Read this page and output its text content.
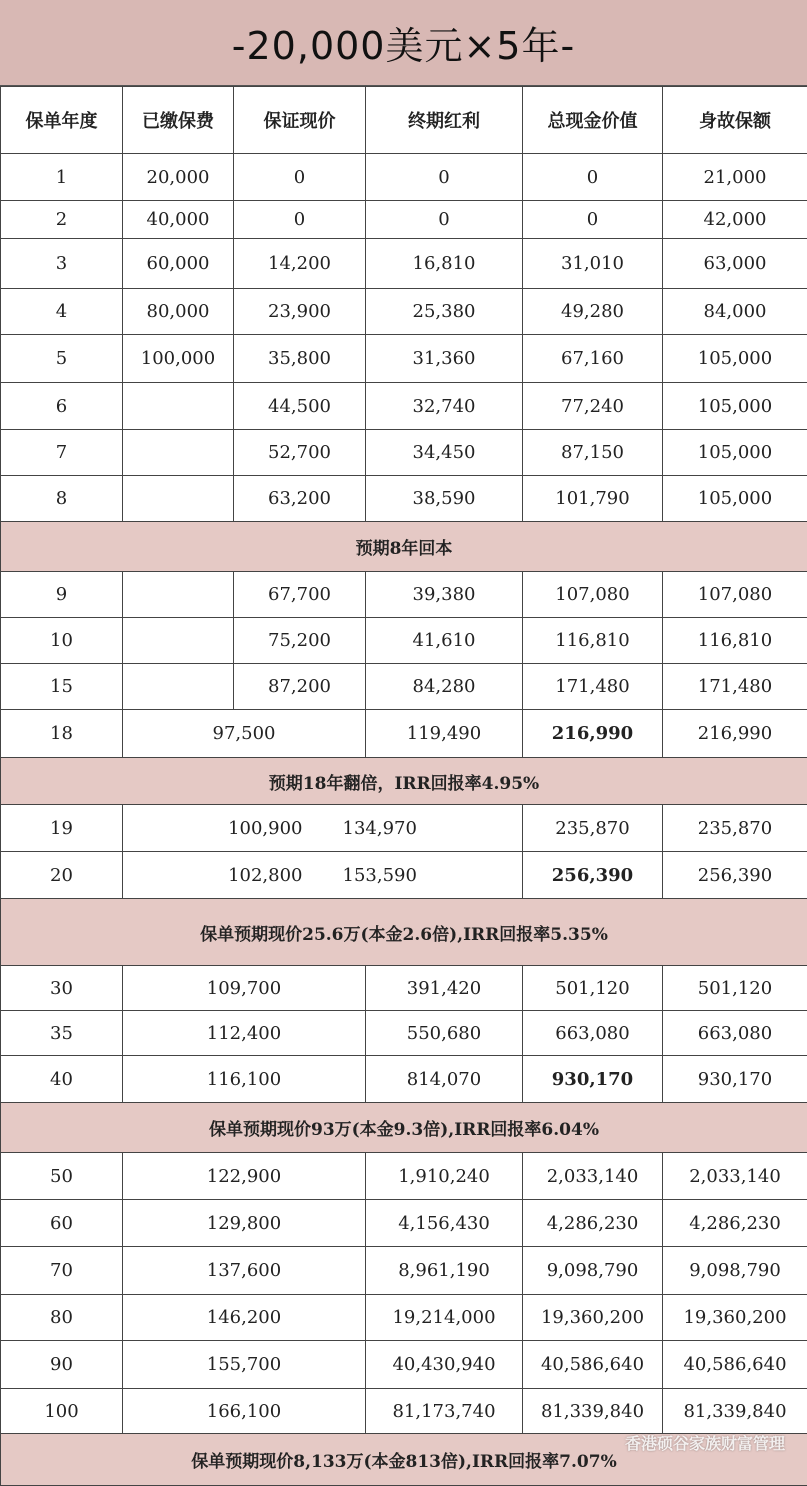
-20,000美元×5年-
保单年度	已缴保费	保证现价	终期红利	总现金价值	身故保额
1	20,000	0	0	0	21,000
2	40,000	0	0	0	42,000
3	60,000	14,200	16,810	31,010	63,000
4	80,000	23,900	25,380	49,280	84,000
5	100,000	35,800	31,360	67,160	105,000
6		44,500	32,740	77,240	105,000
7		52,700	34,450	87,150	105,000
8		63,200	38,590	101,790	105,000
预期8年回本					
9		67,700	39,380	107,080	107,080
10		75,200	41,610	116,810	116,810
15		87,200	84,280	171,480	171,480
18	97,500		119,490	216,990	216,990
预期18年翻倍，IRR回报率4.95%					
19	100,900 134,970			235,870	235,870
20	102,800 153,590			256,390	256,390
保单预期现价25.6万(本金2.6倍),IRR回报率5.35%					
30	109,700		391,420	501,120	501,120
35	112,400		550,680	663,080	663,080
40	116,100		814,070	930,170	930,170
保单预期现价93万(本金9.3倍),IRR回报率6.04%					
50	122,900		1,910,240	2,033,140	2,033,140
60	129,800		4,156,430	4,286,230	4,286,230
70	137,600		8,961,190	9,098,790	9,098,790
80	146,200		19,214,000	19,360,200	19,360,200
90	155,700		40,430,940	40,586,640	40,586,640
100	166,100		81,173,740	81,339,840	81,339,840
保单预期现价8,133万(本金813倍),IRR回报率7.07%					
香港硕谷家族财富管理
